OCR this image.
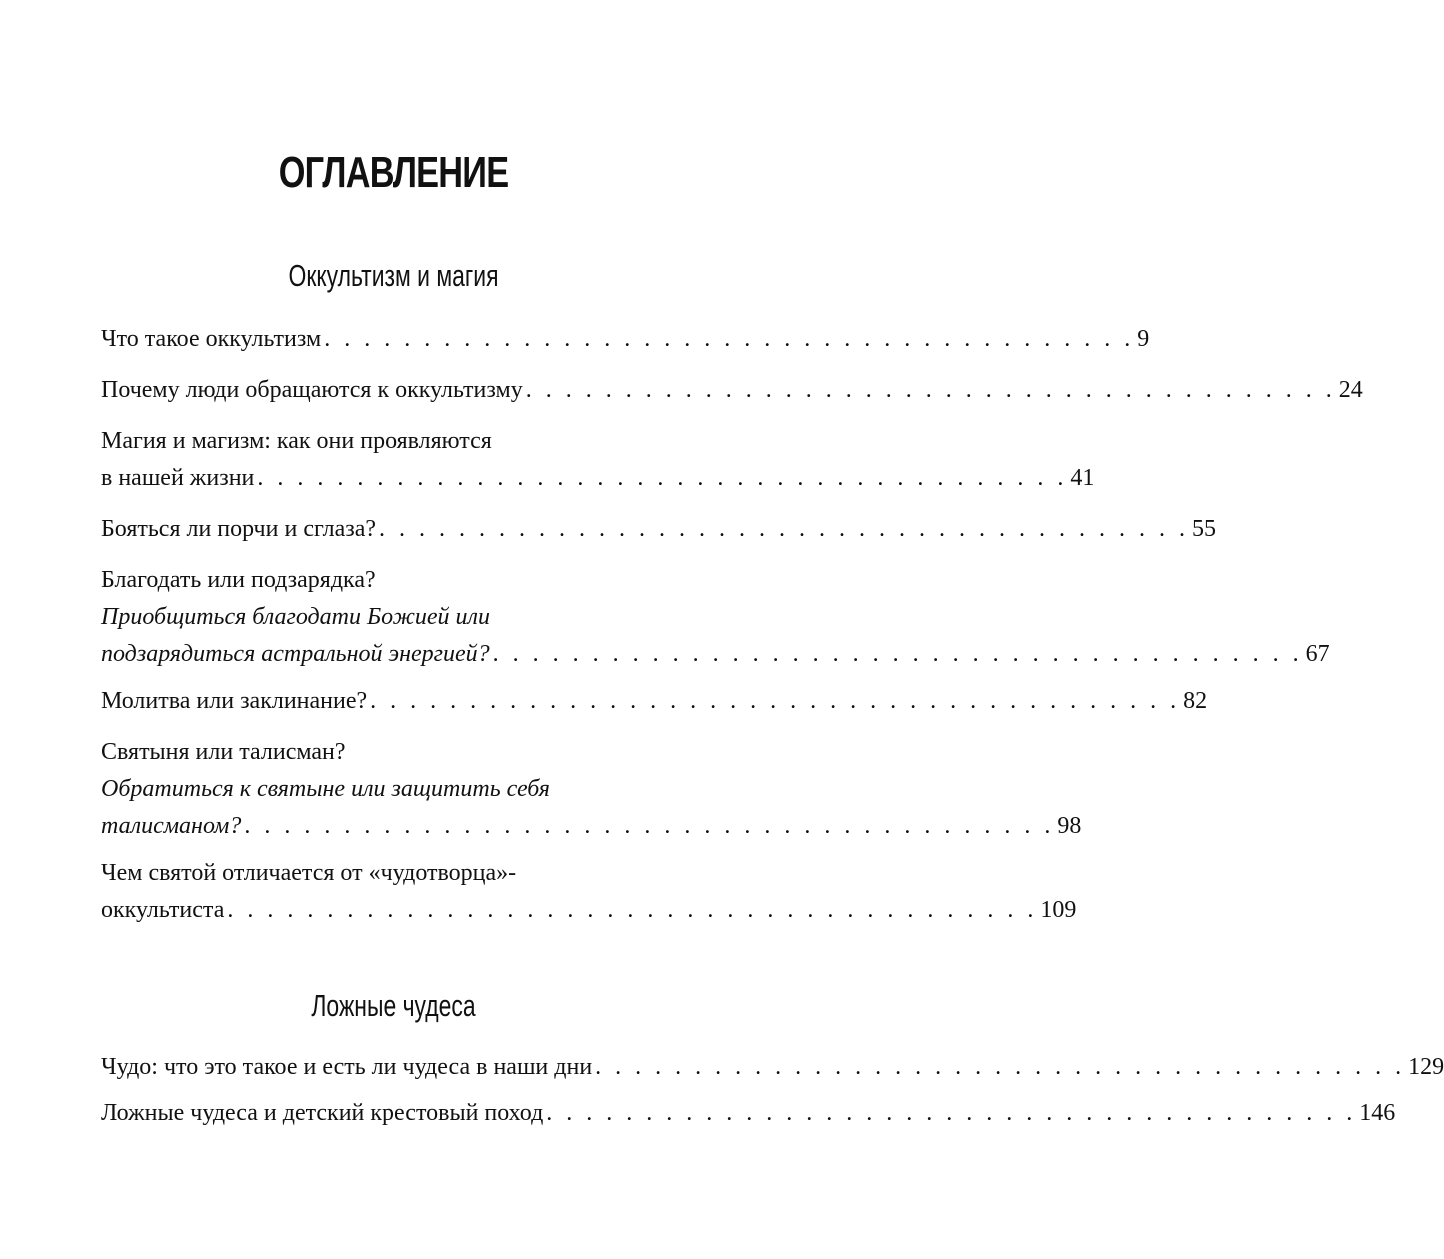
ОГЛАВЛЕНИЕ
Оккультизм и магия
Что такое оккультизм . . . . . . . . . . . . . . . . . . . . . . . . . . . . . . . . . . . . . . . . . 9
Почему люди обращаются к оккультизму . . . . . . . . . . . . . . . . . . . . . . . . . . . . . . . . . . . . . . . . . 24
Магия и магизм: как они проявляются
в нашей жизни . . . . . . . . . . . . . . . . . . . . . . . . . . . . . . . . . . . . . . . . . 41
Бояться ли порчи и сглаза? . . . . . . . . . . . . . . . . . . . . . . . . . . . . . . . . . . . . . . . . . 55
Благодать или подзарядка?
Приобщиться благодати Божией или
подзарядиться астральной энергией? . . . . . . . . . . . . . . . . . . . . . . . . . . . . . . . . . . . . . . . . . 67
Молитва или заклинание? . . . . . . . . . . . . . . . . . . . . . . . . . . . . . . . . . . . . . . . . . 82
Святыня или талисман?
Обратиться к святыне или защитить себя
талисманом? . . . . . . . . . . . . . . . . . . . . . . . . . . . . . . . . . . . . . . . . . 98
Чем святой отличается от «чудотворца»-
оккультиста . . . . . . . . . . . . . . . . . . . . . . . . . . . . . . . . . . . . . . . . . 109
Ложные чудеса
Чудо: что это такое и есть ли чудеса в наши дни . . . . . . . . . . . . . . . . . . . . . . . . . . . . . . . . . . . . . . . . . 129
Ложные чудеса и детский крестовый поход . . . . . . . . . . . . . . . . . . . . . . . . . . . . . . . . . . . . . . . . . 146
